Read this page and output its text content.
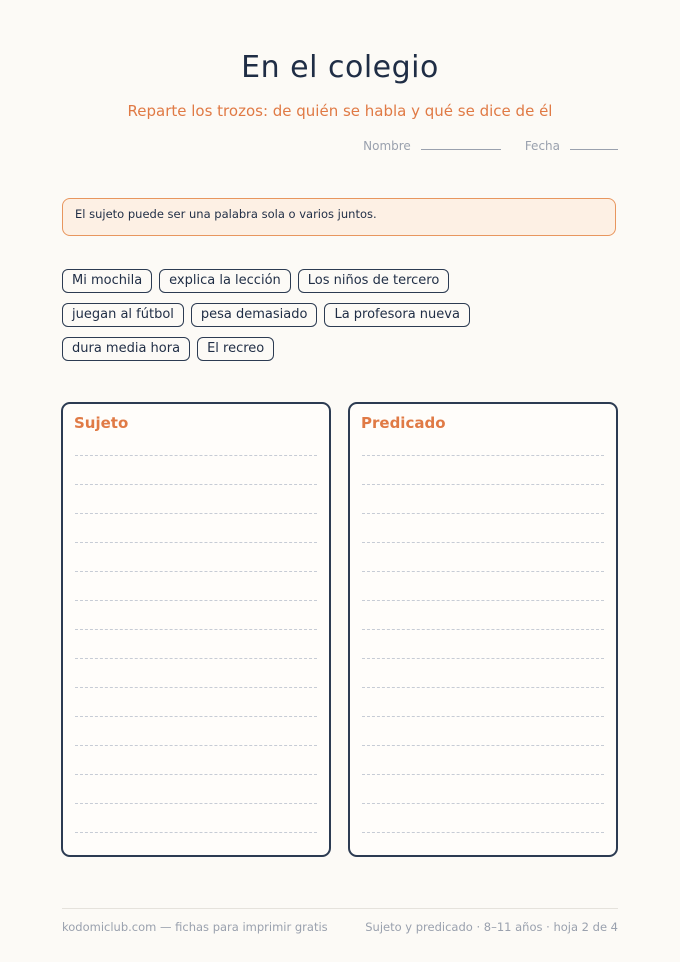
En el colegio
Reparte los trozos: de quién se habla y qué se dice de él
Nombre	Fecha
El sujeto puede ser una palabra sola o varios juntos.
Mi mochila	explica la lección	Los niños de tercero
juegan al fútbol	pesa demasiado	La profesora nueva
dura media hora	El recreo
Sujeto	Predicado
kodomiclub.com — fichas para imprimir gratis	Sujeto y predicado · 8–11 años · hoja 2 de 4
